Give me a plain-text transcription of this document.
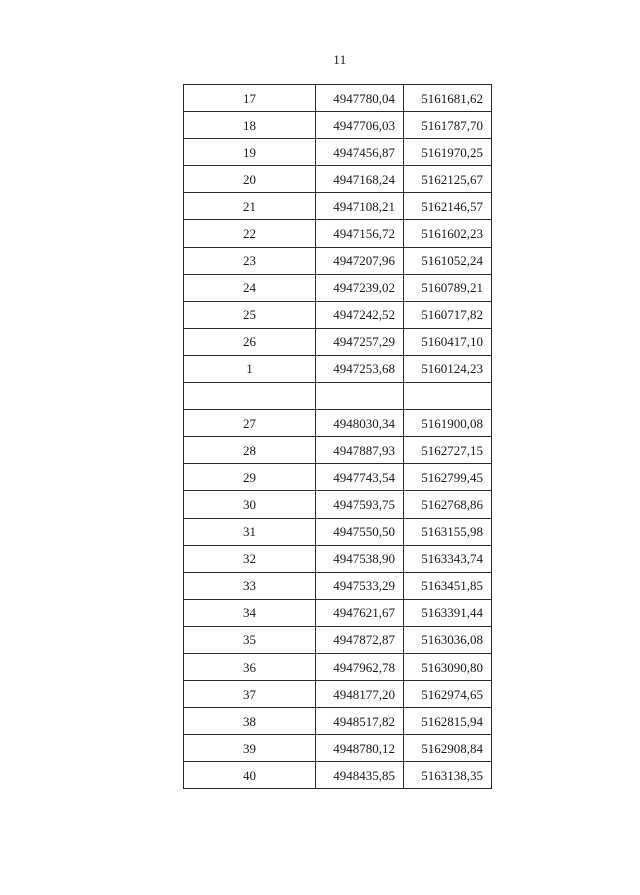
11
17	4947780,04	5161681,62
18	4947706,03	5161787,70
19	4947456,87	5161970,25
20	4947168,24	5162125,67
21	4947108,21	5162146,57
22	4947156,72	5161602,23
23	4947207,96	5161052,24
24	4947239,02	5160789,21
25	4947242,52	5160717,82
26	4947257,29	5160417,10
1	4947253,68	5160124,23

27	4948030,34	5161900,08
28	4947887,93	5162727,15
29	4947743,54	5162799,45
30	4947593,75	5162768,86
31	4947550,50	5163155,98
32	4947538,90	5163343,74
33	4947533,29	5163451,85
34	4947621,67	5163391,44
35	4947872,87	5163036,08
36	4947962,78	5163090,80
37	4948177,20	5162974,65
38	4948517,82	5162815,94
39	4948780,12	5162908,84
40	4948435,85	5163138,35
